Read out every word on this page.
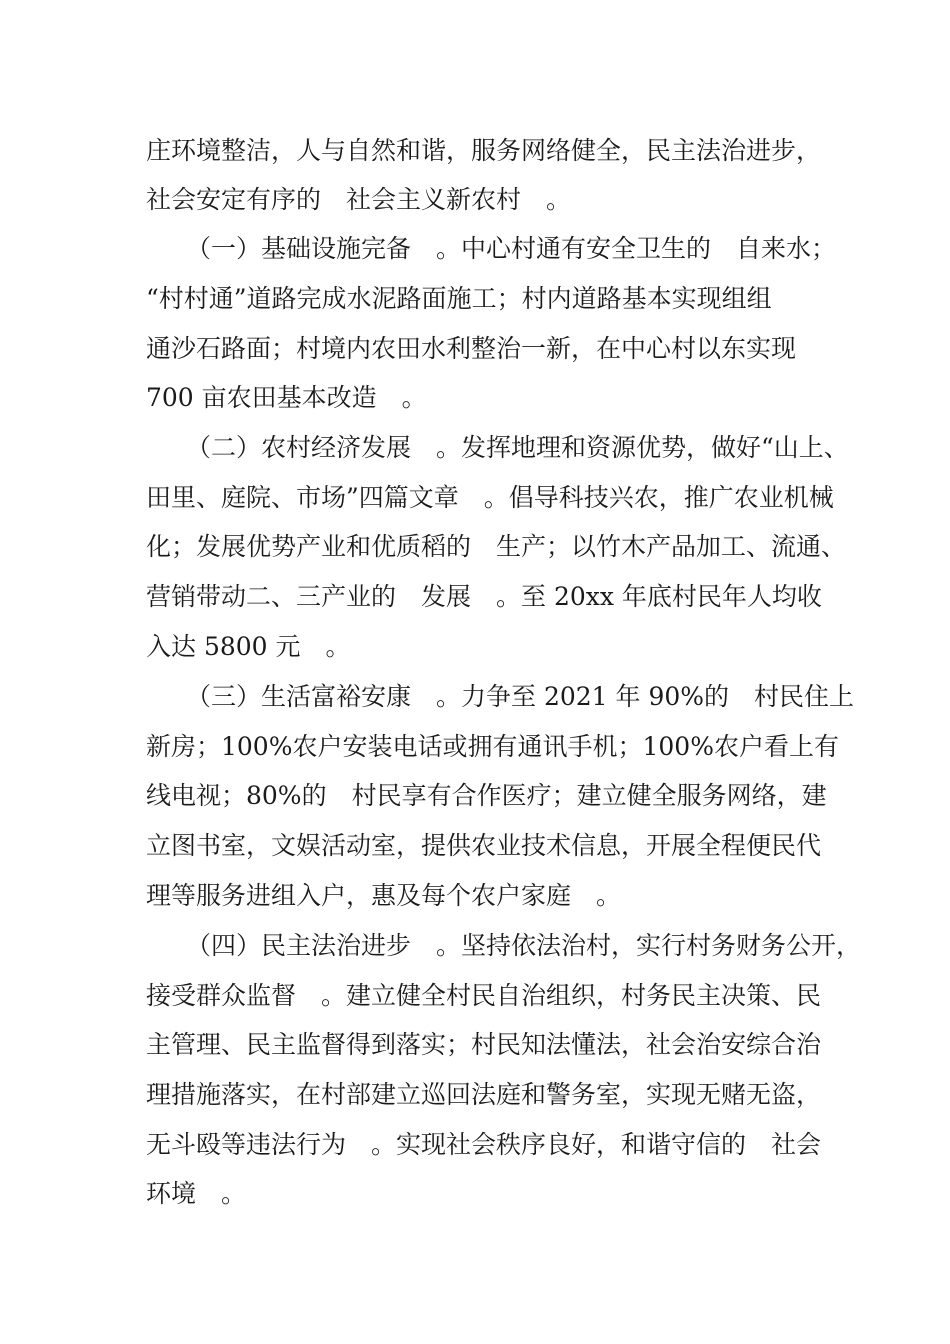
庄环境整洁，人与自然和谐，服务网络健全，民主法治进步，

社会安定有序的　社会主义新农村　。

（一）基础设施完备　。中心村通有安全卫生的　自来水；

“村村通”道路完成水泥路面施工；村内道路基本实现组组

通沙石路面；村境内农田水利整治一新，在中心村以东实现

700 亩农田基本改造　。

（二）农村经济发展　。发挥地理和资源优势，做好“山上、

田里、庭院、市场”四篇文章　。倡导科技兴农，推广农业机械

化；发展优势产业和优质稻的　生产；以竹木产品加工、流通、

营销带动二、三产业的　发展　。至 20xx 年底村民年人均收

入达 5800 元　。

（三）生活富裕安康　。力争至 2021 年 90%的　村民住上

新房；100%农户安装电话或拥有通讯手机；100%农户看上有

线电视；80%的　村民享有合作医疗；建立健全服务网络，建

立图书室，文娱活动室，提供农业技术信息，开展全程便民代

理等服务进组入户，惠及每个农户家庭　。

（四）民主法治进步　。坚持依法治村，实行村务财务公开，

接受群众监督　。建立健全村民自治组织，村务民主决策、民

主管理、民主监督得到落实；村民知法懂法，社会治安综合治

理措施落实，在村部建立巡回法庭和警务室，实现无赌无盗，

无斗殴等违法行为　。实现社会秩序良好，和谐守信的　社会

环境　。
